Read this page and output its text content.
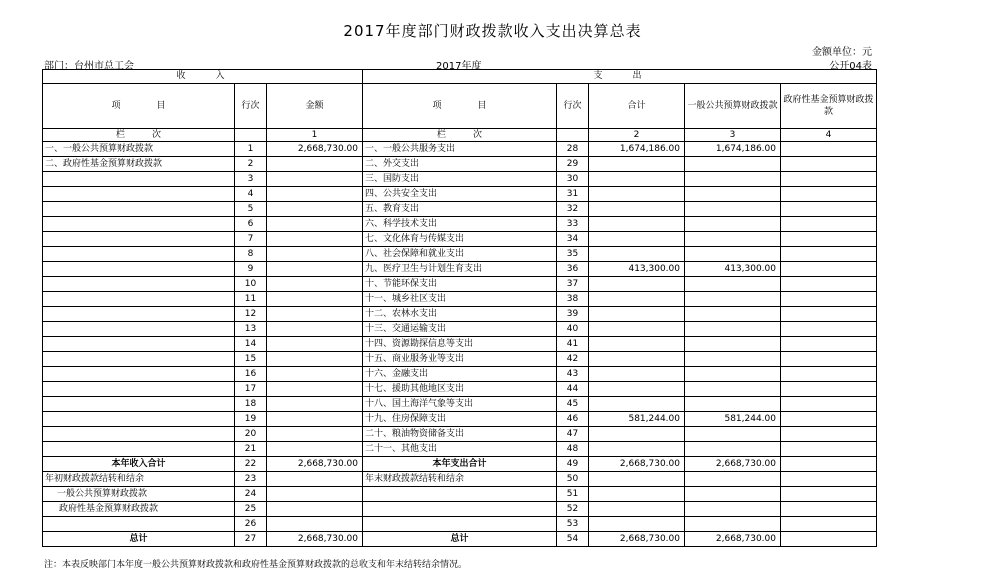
2017年度部门财政拨款收入支出决算总表
金额单位：元
部门：台州市总工会	2017年度	公开04表
收　　入			支　　出				
项　　　　目	行次	金额	项　　　　目	行次	合计	一般公共预算财政拨款	政府性基金预算财政拨款
栏　　　次		1	栏　　　次		2	3	4
一、一般公共预算财政拨款	1	2,668,730.00	一、一般公共服务支出	28	1,674,186.00	1,674,186.00	
二、政府性基金预算财政拨款	2		二、外交支出	29			
	3		三、国防支出	30			
	4		四、公共安全支出	31			
	5		五、教育支出	32			
	6		六、科学技术支出	33			
	7		七、文化体育与传媒支出	34			
	8		八、社会保障和就业支出	35			
	9		九、医疗卫生与计划生育支出	36	413,300.00	413,300.00	
	10		十、节能环保支出	37			
	11		十一、城乡社区支出	38			
	12		十二、农林水支出	39			
	13		十三、交通运输支出	40			
	14		十四、资源勘探信息等支出	41			
	15		十五、商业服务业等支出	42			
	16		十六、金融支出	43			
	17		十七、援助其他地区支出	44			
	18		十八、国土海洋气象等支出	45			
	19		十九、住房保障支出	46	581,244.00	581,244.00	
	20		二十、粮油物资储备支出	47			
	21		二十一、其他支出	48			
本年收入合计	22	2,668,730.00	本年支出合计	49	2,668,730.00	2,668,730.00	
年初财政拨款结转和结余	23		年末财政拨款结转和结余	50			
一般公共预算财政拨款	24			51			
政府性基金预算财政拨款	25			52			
	26			53			
总计	27	2,668,730.00	总计	54	2,668,730.00	2,668,730.00	
注：本表反映部门本年度一般公共预算财政拨款和政府性基金预算财政拨款的总收支和年末结转结余情况。
